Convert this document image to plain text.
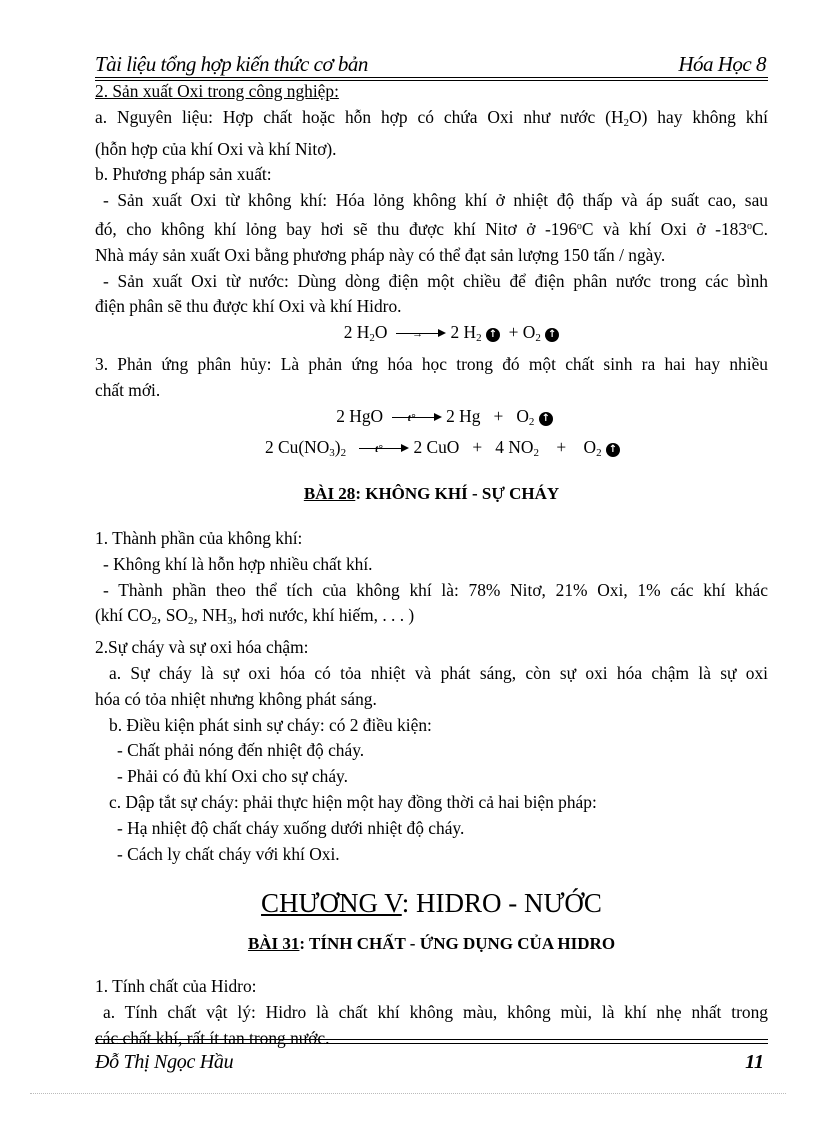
Tài liệu tổng hợp kiến thức cơ bản	Hóa Học 8

2. Sản xuất Oxi trong công nghiệp:

a. Nguyên liệu: Hợp chất hoặc hỗn hợp có chứa Oxi như nước $(H_2O)$ hay không khí

(hỗn hợp của khí Oxi và khí Nitơ).

b. Phương pháp sản xuất:

- Sản xuất Oxi từ không khí: Hóa lỏng không khí ở nhiệt độ thấp và áp suất cao, sau

đó, cho không khí lỏng bay hơi sẽ thu được khí Nitơ ở -196$^o$C và khí Oxi ở -183$^o$C.

Nhà máy sản xuất Oxi bằng phương pháp này có thể đạt sản lượng 150 tấn / ngày.

- Sản xuất Oxi từ nước: Dùng dòng điện một chiều để điện phân nước trong các bình

điện phân sẽ thu được khí Oxi và khí Hidro.

2 $H_2O \to 2$ $H_2$ ↑ + $O_2$ ↑

3. Phản ứng phân hủy: Là phản ứng hóa học trong đó một chất sinh ra hai hay nhiều

chất mới.

2 HgO t° 2 $Hg + O_2$ ↑

2 $Cu(NO_3)_2$	t° 2 CuO + 4 $NO_2 + O_2$ ↑

BÀI 28: KHÔNG KHÍ - SỰ CHÁY

1. Thành phần của không khí:

- Không khí là hỗn hợp nhiều chất khí.

- Thành phần theo thể tích của không khí là: 78% Nitơ, 21% Oxi, 1% các khí khác

(khí $CO_2$, $SO_2$, $NH_3$, hơi nước, khí hiếm, . . . )

2.Sự cháy và sự oxi hóa chậm:

a. Sự cháy là sự oxi hóa có tỏa nhiệt và phát sáng, còn sự oxi hóa chậm là sự oxi

hóa có tỏa nhiệt nhưng không phát sáng.

b. Điều kiện phát sinh sự cháy: có 2 điều kiện:

- Chất phải nóng đến nhiệt độ cháy.

- Phải có đủ khí Oxi cho sự cháy.

c. Dập tắt sự cháy: phải thực hiện một hay đồng thời cả hai biện pháp:

- Hạ nhiệt độ chất cháy xuống dưới nhiệt độ cháy.

- Cách ly chất cháy với khí Oxi.

CHƯƠNG V: HIDRO - NƯỚC

BÀI 31: TÍNH CHẤT - ỨNG DỤNG CỦA HIDRO

1. Tính chất của Hidro:

a. Tính chất vật lý: Hidro là chất khí không màu, không mùi, là khí nhẹ nhất trong

các chất khí, rất ít tan trong nước.

Đỗ Thị Ngọc Hầu	11
